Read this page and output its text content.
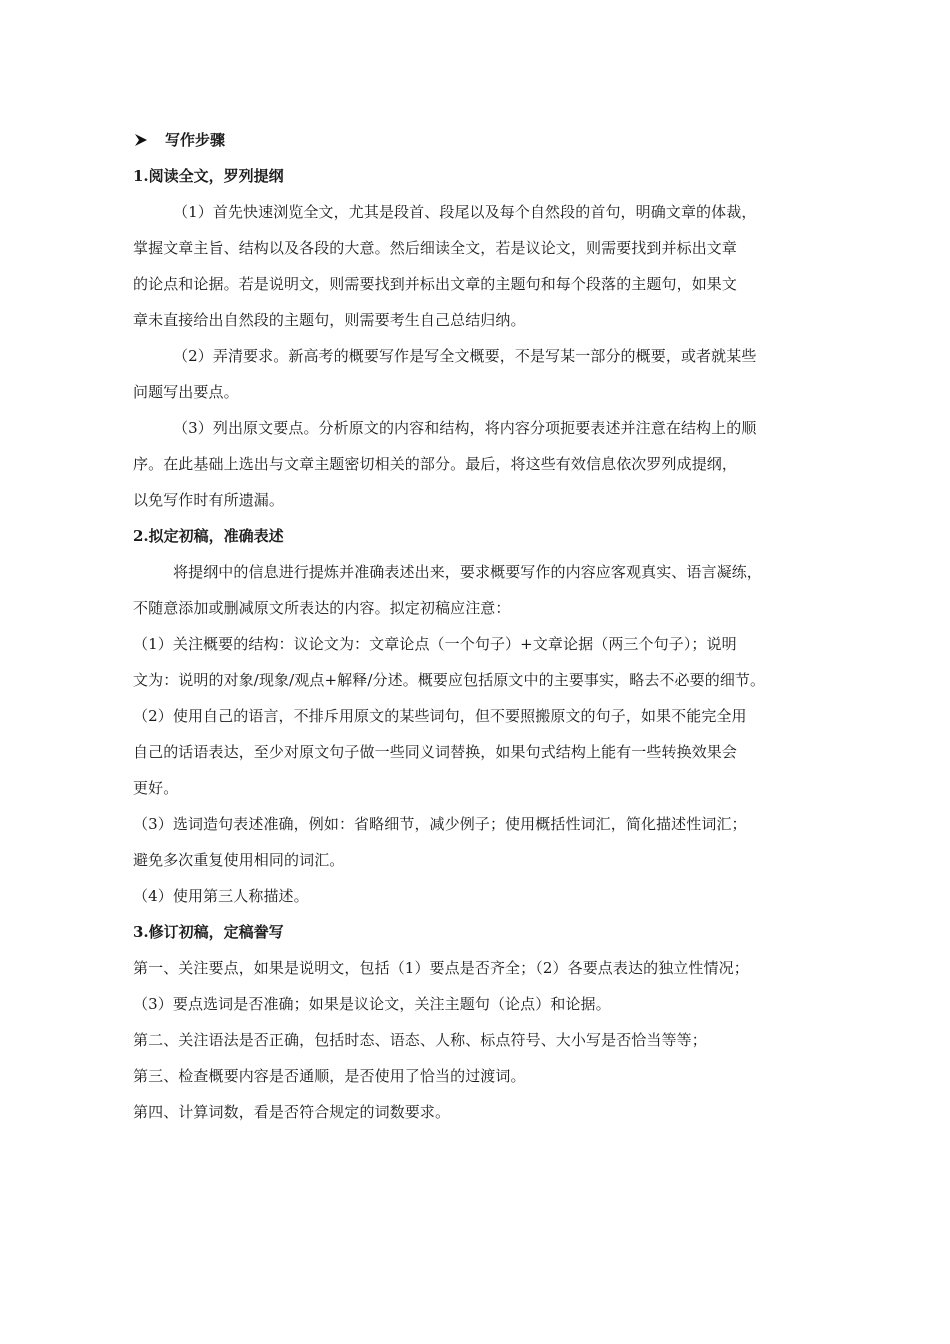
写作步骤
1.阅读全文，罗列提纲
（1）首先快速浏览全文，尤其是段首、段尾以及每个自然段的首句，明确文章的体裁，
掌握文章主旨、结构以及各段的大意。然后细读全文，若是议论文，则需要找到并标出文章
的论点和论据。若是说明文，则需要找到并标出文章的主题句和每个段落的主题句，如果文
章未直接给出自然段的主题句，则需要考生自己总结归纳。
（2）弄清要求。新高考的概要写作是写全文概要，不是写某一部分的概要，或者就某些
问题写出要点。
（3）列出原文要点。分析原文的内容和结构，将内容分项扼要表述并注意在结构上的顺
序。在此基础上选出与文章主题密切相关的部分。最后，将这些有效信息依次罗列成提纲，
以免写作时有所遗漏。
2.拟定初稿，准确表述
将提纲中的信息进行提炼并准确表述出来，要求概要写作的内容应客观真实、语言凝练，
不随意添加或删减原文所表达的内容。拟定初稿应注意：
（1）关注概要的结构：议论文为：文章论点（一个句子）+文章论据（两三个句子）；说明
文为：说明的对象/现象/观点+解释/分述。概要应包括原文中的主要事实，略去不必要的细节。
（2）使用自己的语言，不排斥用原文的某些词句，但不要照搬原文的句子，如果不能完全用
自己的话语表达，至少对原文句子做一些同义词替换，如果句式结构上能有一些转换效果会
更好。
（3）选词造句表述准确，例如：省略细节，减少例子；使用概括性词汇，简化描述性词汇；
避免多次重复使用相同的词汇。
（4）使用第三人称描述。
3.修订初稿，定稿誊写
第一、关注要点，如果是说明文，包括（1）要点是否齐全；（2）各要点表达的独立性情况；
（3）要点选词是否准确；如果是议论文，关注主题句（论点）和论据。
第二、关注语法是否正确，包括时态、语态、人称、标点符号、大小写是否恰当等等；
第三、检查概要内容是否通顺，是否使用了恰当的过渡词。
第四、计算词数，看是否符合规定的词数要求。
